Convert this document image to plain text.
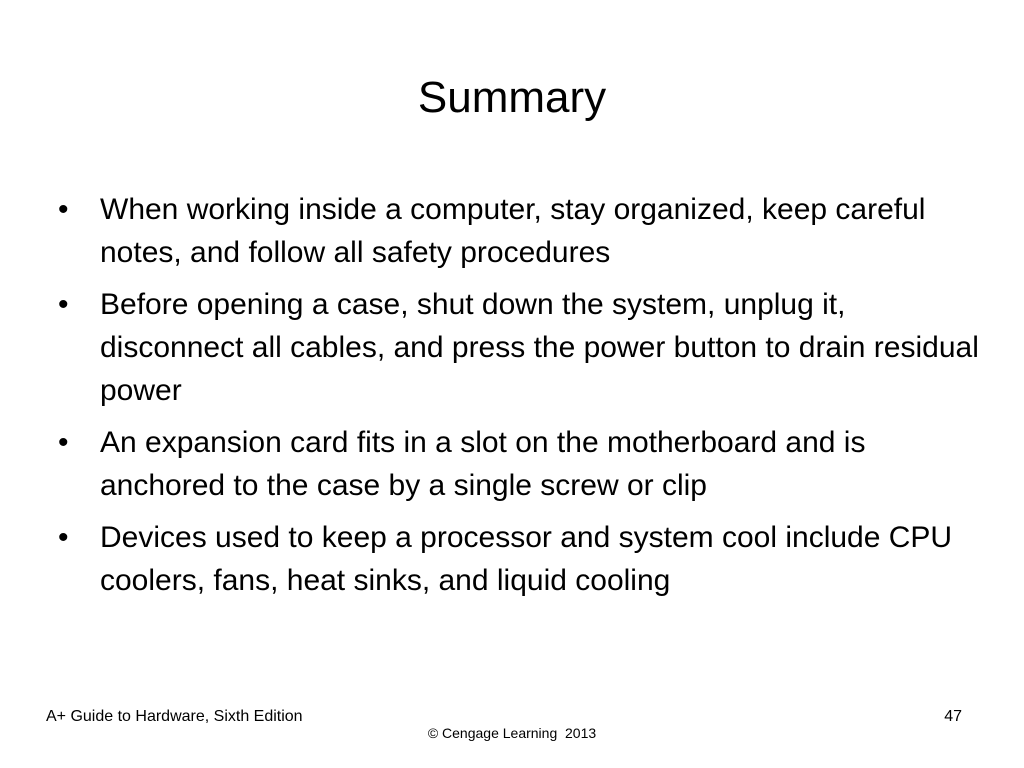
Summary
•	When working inside a computer, stay organized, keep careful notes, and follow all safety procedures
•	Before opening a case, shut down the system, unplug it, disconnect all cables, and press the power button to drain residual power
•	An expansion card fits in a slot on the motherboard and is anchored to the case by a single screw or clip
•	Devices used to keep a processor and system cool include CPU coolers, fans, heat sinks, and liquid cooling
A+ Guide to Hardware, Sixth Edition
© Cengage Learning  2013
47
